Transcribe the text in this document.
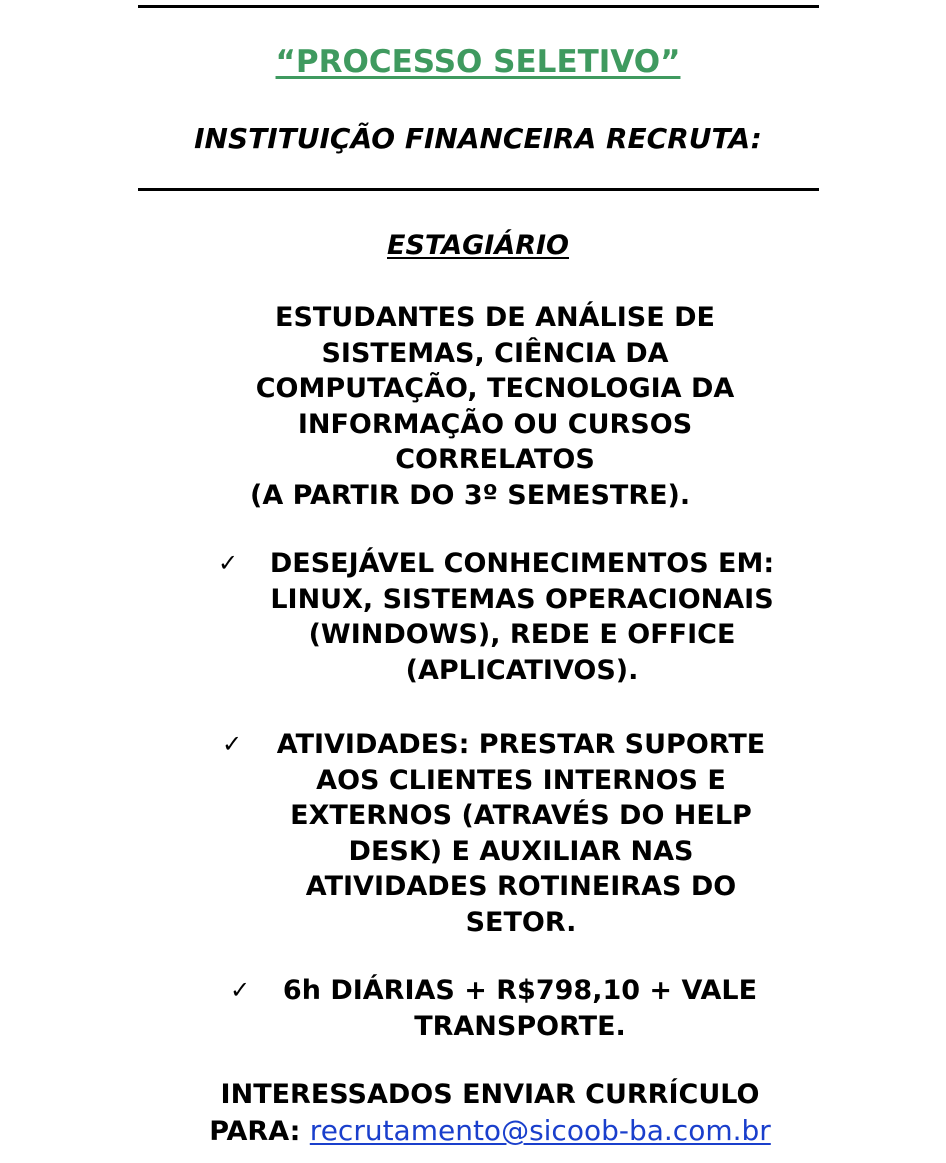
“PROCESSO SELETIVO”
INSTITUIÇÃO FINANCEIRA RECRUTA:
ESTAGIÁRIO
ESTUDANTES DE ANÁLISE DE
SISTEMAS, CIÊNCIA DA
COMPUTAÇÃO, TECNOLOGIA DA
INFORMAÇÃO OU CURSOS
CORRELATOS
(A PARTIR DO 3º SEMESTRE).
✓	DESEJÁVEL CONHECIMENTOS EM:
LINUX, SISTEMAS OPERACIONAIS
(WINDOWS), REDE E OFFICE
(APLICATIVOS).
✓	ATIVIDADES: PRESTAR SUPORTE
AOS CLIENTES INTERNOS E
EXTERNOS (ATRAVÉS DO HELP
DESK) E AUXILIAR NAS
ATIVIDADES ROTINEIRAS DO
SETOR.
✓	6h DIÁRIAS + R$798,10 + VALE
TRANSPORTE.
INTERESSADOS ENVIAR CURRÍCULO
PARA: recrutamento@sicoob-ba.com.br
